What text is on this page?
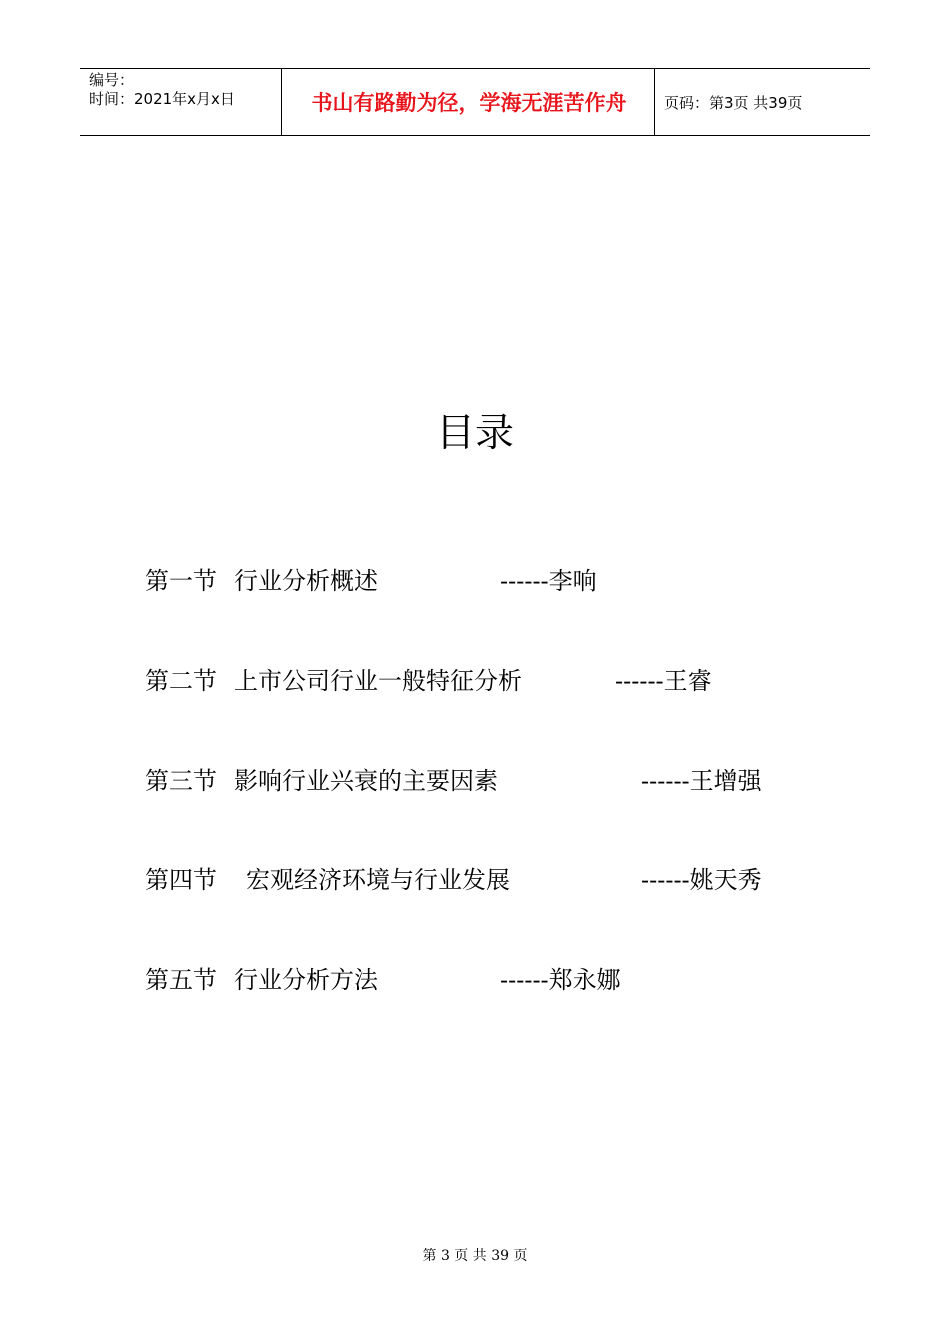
编号：
时间：2021年x月x日	书山有路勤为径，学海无涯苦作舟	页码：第3页 共39页
目录
第一节 行业分析概述	------李响
第二节 上市公司行业一般特征分析	------王睿
第三节 影响行业兴衰的主要因素	------王增强
第四节 宏观经济环境与行业发展	------姚天秀
第五节 行业分析方法	------郑永娜
第 3 页 共 39 页
